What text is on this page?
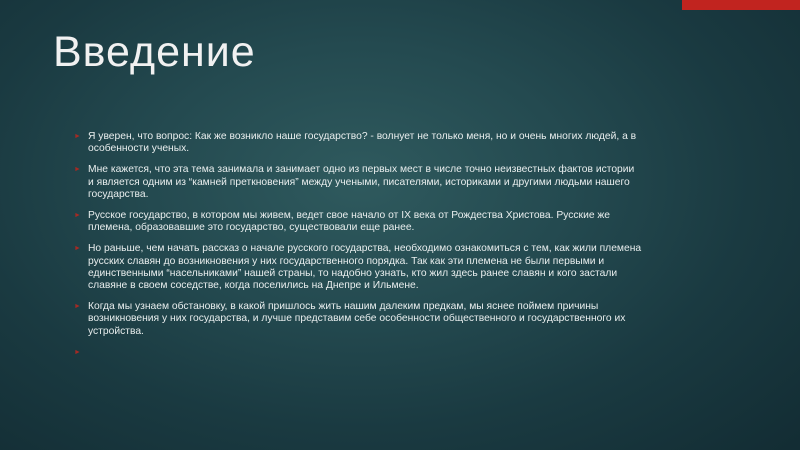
Введение
► Я уверен, что вопрос: Как же возникло наше государство? - волнует не только меня, но и очень многих людей, а в особенности ученых.
► Мне кажется, что эта тема занимала и занимает одно из первых мест в числе точно неизвестных фактов истории и является одним из “камней преткновения” между учеными, писателями, историками и другими людьми нашего государства.
► Русское государство, в котором мы живем, ведет свое начало от IX века от Рождества Христова. Русские же племена, образовавшие это государство, существовали еще ранее.
► Но раньше, чем начать рассказ о начале русского государства, необходимо ознакомиться с тем, как жили племена русских славян до возникновения у них государственного порядка. Так как эти племена не были первыми и единственными “насельниками” нашей страны, то надобно узнать, кто жил здесь ранее славян и кого застали славяне в своем соседстве, когда поселились на Днепре и Ильмене.
► Когда мы узнаем обстановку, в какой пришлось жить нашим далеким предкам, мы яснее поймем причины возникновения у них государства, и лучше представим себе особенности общественного и государственного их устройства.
►
